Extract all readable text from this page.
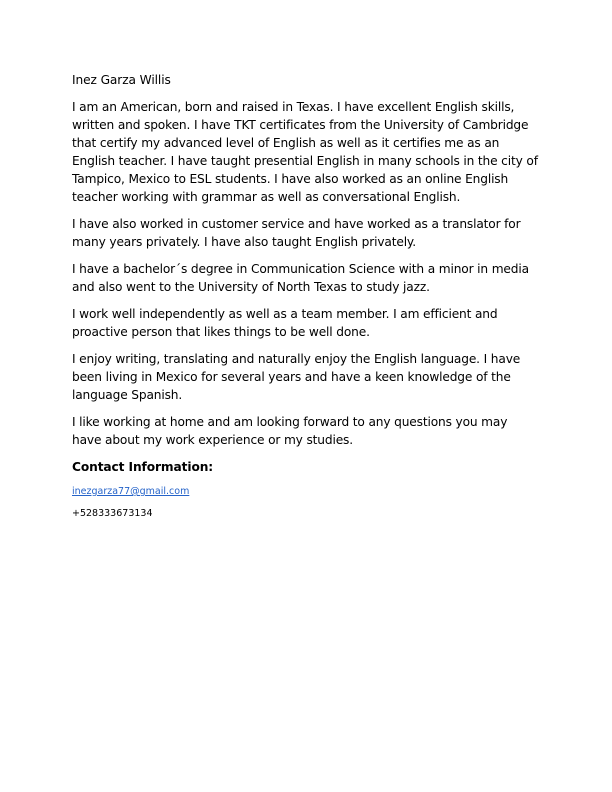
Inez Garza Willis

I am an American, born and raised in Texas. I have excellent English skills, written and spoken. I have TKT certificates from the University of Cambridge that certify my advanced level of English as well as it certifies me as an English teacher. I have taught presential English in many schools in the city of Tampico, Mexico to ESL students. I have also worked as an online English teacher working with grammar as well as conversational English.

I have also worked in customer service and have worked as a translator for many years privately. I have also taught English privately.

I have a bachelor´s degree in Communication Science with a minor in media and also went to the University of North Texas to study jazz.

I work well independently as well as a team member. I am efficient and proactive person that likes things to be well done.

I enjoy writing, translating and naturally enjoy the English language. I have been living in Mexico for several years and have a keen knowledge of the language Spanish.

I like working at home and am looking forward to any questions you may have about my work experience or my studies.

Contact Information:

inezgarza77@gmail.com
+528333673134
